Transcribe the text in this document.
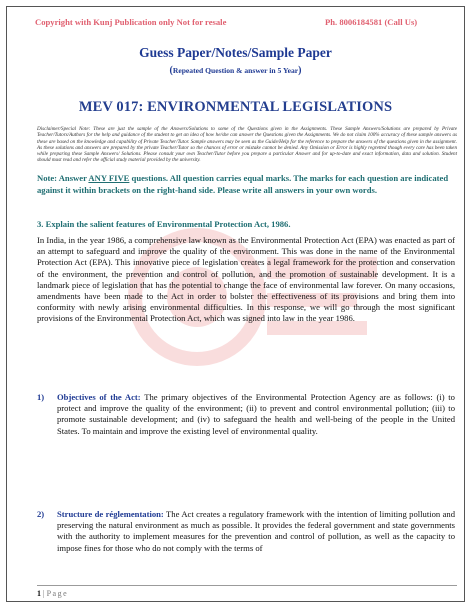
Copyright with Kunj Publication only Not for resale	Ph. 8006184581 (Call Us)
Guess Paper/Notes/Sample Paper
(Repeated Question & answer in 5 Year)
MEV 017: ENVIRONMENTAL LEGISLATIONS
Disclaimer/Special Note: These are just the sample of the Answers/Solutions to some of the Questions given in the Assignments. These Sample Answers/Solutions are prepared by Private Teacher/Tutors/Authors for the help and guidance of the student to get an idea of how he/she can answer the Questions given the Assignments. We do not claim 100% accuracy of these sample answers as these are based on the knowledge and capability of Private Teacher/Tutor. Sample answers may be seen as the Guide/Help for the reference to prepare the answers of the questions given in the assignment. As these solutions and answers are prepared by the private Teacher/Tutor so the chances of error or mistake cannot be denied. Any Omission or Error is highly regretted though every care has been taken while preparing these Sample Answers/ Solutions. Please consult your own Teacher/Tutor before you prepare a particular Answer and for up-to-date and exact information, data and solution. Student should must read and refer the official study material provided by the university.
Note: Answer ANY FIVE questions. All question carries equal marks. The marks for each question are indicated against it within brackets on the right-hand side. Please write all answers in your own words.
3. Explain the salient features of Environmental Protection Act, 1986.
In India, in the year 1986, a comprehensive law known as the Environmental Protection Act (EPA) was enacted as part of an attempt to safeguard and improve the quality of the environment. This was done in the name of the Environmental Protection Act (EPA). This innovative piece of legislation creates a legal framework for the protection and conservation of the environment, the prevention and control of pollution, and the promotion of sustainable development. It is a landmark piece of legislation that has the potential to change the face of environmental law forever. On many occasions, amendments have been made to the Act in order to bolster the effectiveness of its provisions and bring them into conformity with newly arising environmental difficulties. In this response, we will go through the most significant provisions of the Environmental Protection Act, which was signed into law in the year 1986.
1) Objectives of the Act: The primary objectives of the Environmental Protection Agency are as follows: (i) to protect and improve the quality of the environment; (ii) to prevent and control environmental pollution; (iii) to promote sustainable development; and (iv) to safeguard the health and well-being of the people in the United States. To maintain and improve the existing level of environmental quality.
2) Structure de réglementation: The Act creates a regulatory framework with the intention of limiting pollution and preserving the natural environment as much as possible. It provides the federal government and state governments with the authority to implement measures for the prevention and control of pollution, as well as the capacity to impose fines for those who do not comply with the terms of
1 | Page
